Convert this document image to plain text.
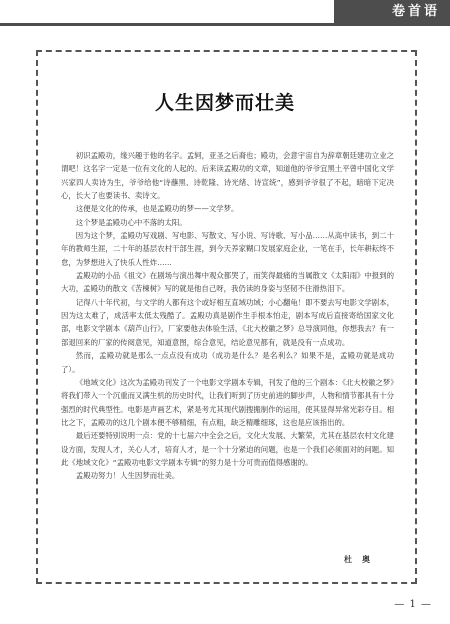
卷首语
人生因梦而壮美

初识孟殿功，缘兴趣于他的名字。孟轲，亚圣之后裔也；殿功，会意宇宙自为辞章朝廷建功立业之谓吧！这名字一定是一位有文化的人起的。后来读孟殿功的文章，知道他的爷爷宜黑土平曾中国化文学兴家四人卖诗为生，爷爷给他“诗蘸黑、诗乾隆、诗光绪、诗宣统”，感到爷爷很了不起，暗暗下定决心，长大了也要读书、卖诗文。

这便是文化的传承，也是孟殿功的梦——文学梦。

这个梦是孟殿功心中不落的太阳。

因为这个梦，孟殿功写戏剧、写电影、写散文、写小说、写诗歌、写小品……从高中读书，到二十年的教师生涯，二十年的基层农村干部生涯，到今天养家糊口发展家庭企业，一笔在手，长年耕耘终不怠，为梦想进入了快乐人性炸……

孟殿功的小品《祖文》在剧场与演出舞中观众都哭了，而笑得最痛的当属散文《太阳雨》中报到的大功，孟殿功的散文《苦楝树》写的就是他自己呀，我仍读的身姿与坚韧不住滑热泪下。

记得八十年代初，与文学的人都有这个或好相互直域功域；小心翻龟！即不要去写电影文学剧本，因为这太难了，成活率太低太残酷了。孟殿功真是剧作生手根本怕走，剧本写成后直接寄给国家文化部，电影文学剧本《葫芦山行》，厂家要他去体验生活，《北大校徽之梦》总导演同他，你想我去？有一部退回来的厂家的传阅意见，知道意图，综合意见，结论意见都有，就是没有一点成功。

然而，孟殿功就是那么一点点没有成功（成功是什么？是名利么？如果不是，孟殿功就是成功了）。

《地域文化》这次为孟殿功刊发了一个电影文学剧本专辑，刊发了他的三个剧本：《北大校徽之梦》将我们带入一个沉重而又满生机的历史时代，让我们听到了历史前进的脚步声，人物和情节都具有十分强烈的时代典型性。电影是声画艺术，紧是考尤其现代剧搜搬制作的运用，使其显得异常光彩夺目。相比之下，孟殿功的这几个剧本便不够精细，有点粗，缺乏精雕细琢，这也是应该指出的。

最后还要特别说明一点：党的十七届六中全会之后，文化大发展、大繁荣，尤其在基层农村文化建设方面，发现人才，关心人才，培育人才，是一个十分紧迫的问题，也是一个我们必须面对的问题。知此《地域文化》“孟殿功电影文学剧本专辑”的努力是十分可贵而值得感谢的。

孟殿功努力！人生因梦而壮美。

杜奥
— 1 —
